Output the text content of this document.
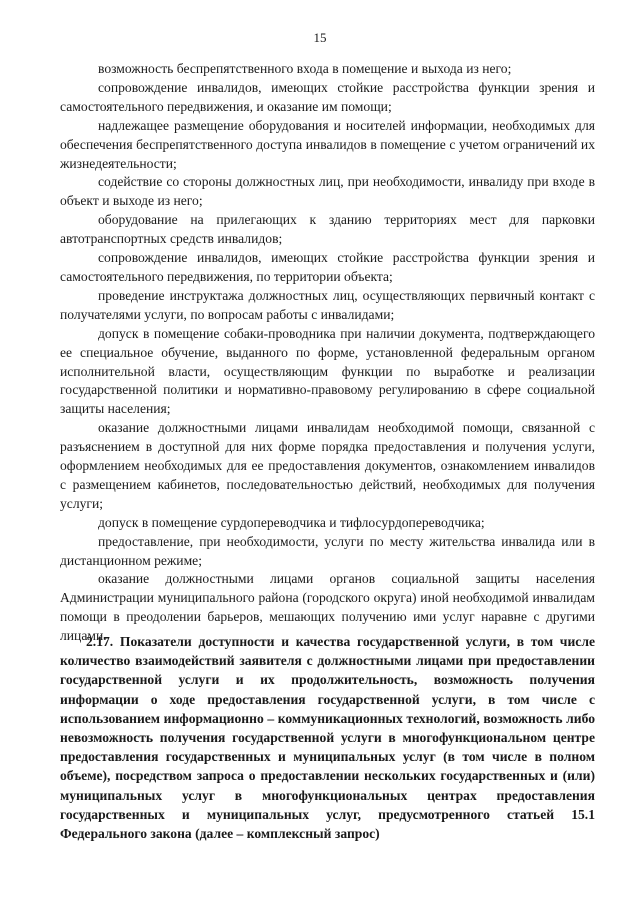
15

возможность беспрепятственного входа в помещение и выхода из него;

сопровождение инвалидов, имеющих стойкие расстройства функции зрения и самостоятельного передвижения, и оказание им помощи;

надлежащее размещение оборудования и носителей информации, необходимых для обеспечения беспрепятственного доступа инвалидов в помещение с учетом ограничений их жизнедеятельности;

содействие со стороны должностных лиц, при необходимости, инвалиду при входе в объект и выходе из него;

оборудование на прилегающих к зданию территориях мест для парковки автотранспортных средств инвалидов;

сопровождение инвалидов, имеющих стойкие расстройства функции зрения и самостоятельного передвижения, по территории объекта;

проведение инструктажа должностных лиц, осуществляющих первичный контакт с получателями услуги, по вопросам работы с инвалидами;

допуск в помещение собаки-проводника при наличии документа, подтверждающего ее специальное обучение, выданного по форме, установленной федеральным органом исполнительной власти, осуществляющим функции по выработке и реализации государственной политики и нормативно-правовому регулированию в сфере социальной защиты населения;

оказание должностными лицами инвалидам необходимой помощи, связанной с разъяснением в доступной для них форме порядка предоставления и получения услуги, оформлением необходимых для ее предоставления документов, ознакомлением инвалидов с размещением кабинетов, последовательностью действий, необходимых для получения услуги;

допуск в помещение сурдопереводчика и тифлосурдопереводчика;

предоставление, при необходимости, услуги по месту жительства инвалида или в дистанционном режиме;

оказание должностными лицами органов социальной защиты населения Администрации муниципального района (городского округа) иной необходимой инвалидам помощи в преодолении барьеров, мешающих получению ими услуг наравне с другими лицами.

2.17. Показатели доступности и качества государственной услуги, в том числе количество взаимодействий заявителя с должностными лицами при предоставлении государственной услуги и их продолжительность, возможность получения информации о ходе предоставления государственной услуги, в том числе с использованием информационно – коммуникационных технологий, возможность либо невозможность получения государственной услуги в многофункциональном центре предоставления государственных и муниципальных услуг (в том числе в полном объеме), посредством запроса о предоставлении нескольких государственных и (или) муниципальных услуг в многофункциональных центрах предоставления государственных и муниципальных услуг, предусмотренного статьей 15.1 Федерального закона (далее – комплексный запрос)
